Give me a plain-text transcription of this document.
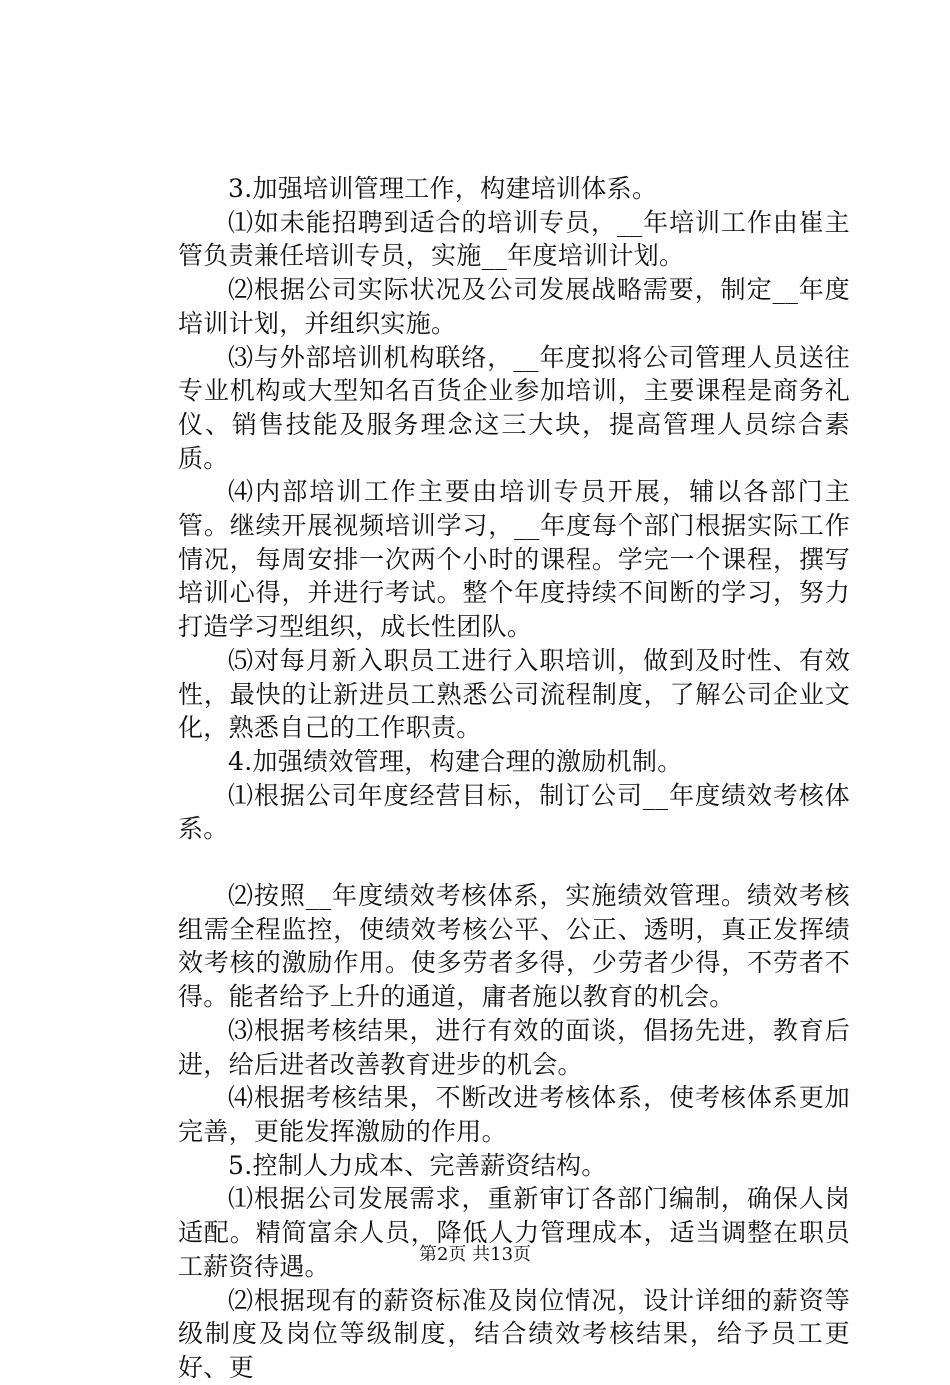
3.加强培训管理工作，构建培训体系。

⑴如未能招聘到适合的培训专员，__年培训工作由崔主管负责兼任培训专员，实施__年度培训计划。

⑵根据公司实际状况及公司发展战略需要，制定__年度培训计划，并组织实施。

⑶与外部培训机构联络，__年度拟将公司管理人员送往专业机构或大型知名百货企业参加培训，主要课程是商务礼仪、销售技能及服务理念这三大块，提高管理人员综合素质。

⑷内部培训工作主要由培训专员开展，辅以各部门主管。继续开展视频培训学习，__年度每个部门根据实际工作情况，每周安排一次两个小时的课程。学完一个课程，撰写培训心得，并进行考试。整个年度持续不间断的学习，努力打造学习型组织，成长性团队。

⑸对每月新入职员工进行入职培训，做到及时性、有效性，最快的让新进员工熟悉公司流程制度，了解公司企业文化，熟悉自己的工作职责。

4.加强绩效管理，构建合理的激励机制。

⑴根据公司年度经营目标，制订公司__年度绩效考核体系。

⑵按照__年度绩效考核体系，实施绩效管理。绩效考核组需全程监控，使绩效考核公平、公正、透明，真正发挥绩效考核的激励作用。使多劳者多得，少劳者少得，不劳者不得。能者给予上升的通道，庸者施以教育的机会。

⑶根据考核结果，进行有效的面谈，倡扬先进，教育后进，给后进者改善教育进步的机会。

⑷根据考核结果，不断改进考核体系，使考核体系更加完善，更能发挥激励的作用。

5.控制人力成本、完善薪资结构。

⑴根据公司发展需求，重新审订各部门编制，确保人岗适配。精简富余人员，降低人力管理成本，适当调整在职员工薪资待遇。

⑵根据现有的薪资标准及岗位情况，设计详细的薪资等级制度及岗位等级制度，结合绩效考核结果，给予员工更好、更

第2页 共13页
